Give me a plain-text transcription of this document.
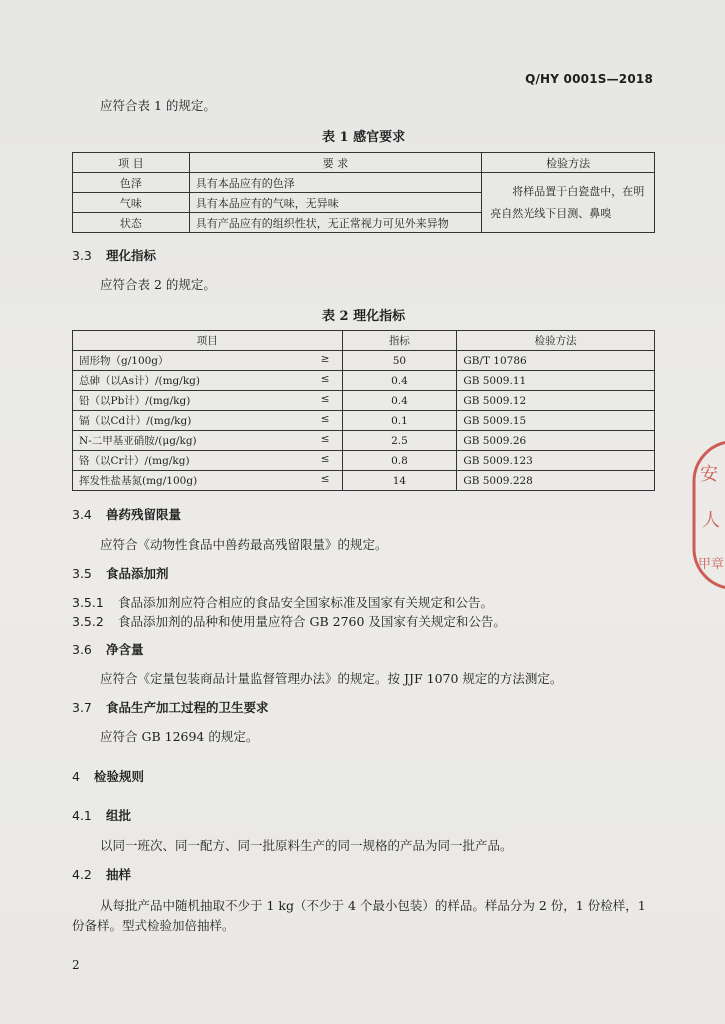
Q/HY 0001S—2018
应符合表 1 的规定。
表 1 感官要求
项 目	要 求	检验方法
色泽	具有本品应有的色泽	将样品置于白瓷盘中，在明
亮自然光线下目测、鼻嗅

气味	具有本品应有的气味，无异味	
状态	具有产品应有的组织性状，无正常视力可见外来异物	
3.3 理化指标
应符合表 2 的规定。
表 2 理化指标
项目	指标	检验方法
固形物（g/100g） ≥	50	GB/T 10786
总砷（以As计）/(mg/kg) ≤	0.4	GB 5009.11
铅（以Pb计）/(mg/kg) ≤	0.4	GB 5009.12
镉（以Cd计）/(mg/kg) ≤	0.1	GB 5009.15
N-二甲基亚硝胺/(μg/kg) ≤	2.5	GB 5009.26
铬（以Cr计）/(mg/kg) ≤	0.8	GB 5009.123
挥发性盐基氮(mg/100g) ≤	14	GB 5009.228
3.4 兽药残留限量
应符合《动物性食品中兽药最高残留限量》的规定。
3.5 食品添加剂
3.5.1 食品添加剂应符合相应的食品安全国家标准及国家有关规定和公告。
3.5.2 食品添加剂的品种和使用量应符合 GB 2760 及国家有关规定和公告。
3.6 净含量
应符合《定量包装商品计量监督管理办法》的规定。按 JJF 1070 规定的方法测定。
3.7 食品生产加工过程的卫生要求
应符合 GB 12694 的规定。
4 检验规则
4.1 组批
以同一班次、同一配方、同一批原料生产的同一规格的产品为同一批产品。
4.2 抽样
从每批产品中随机抽取不少于 1 kg（不少于 4 个最小包装）的样品。样品分为 2 份，1 份检样，1
份备样。型式检验加倍抽样。
2
安
人
甲章
